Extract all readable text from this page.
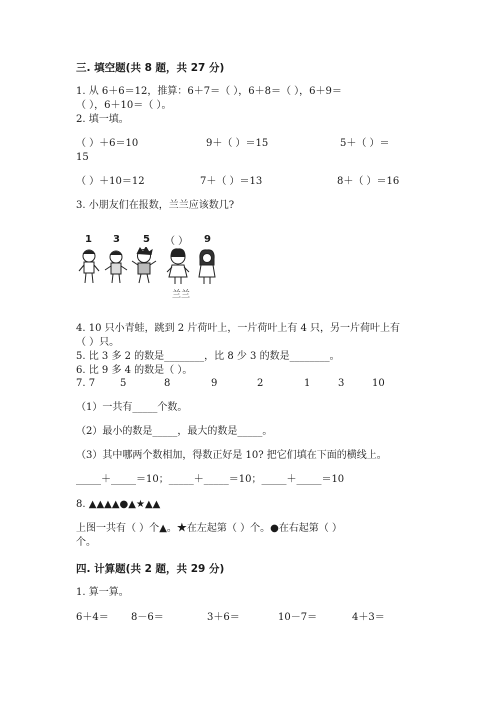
三. 填空题(共 8 题，共 27 分)
1. 从 6＋6＝12，推算：6＋7＝（ ），6＋8＝（ ），6＋9＝
（ ），6＋10＝（ ）。
2. 填一填。
（ ）＋6＝10	9＋（ ）＝15	5＋（ ）＝
15
（ ）＋10＝12	7＋（ ）＝13	8＋（ ）＝16
3. 小朋友们在报数，兰兰应该数几?
1 3 5 （ ） 9
兰兰
4. 10 只小青蛙，跳到 2 片荷叶上，一片荷叶上有 4 只，另一片荷叶上有
（ ）只。
5. 比 3 多 2 的数是________，比 8 少 3 的数是________。
6. 比 9 多 4 的数是（ ）。
7. 7 5	8	9	2	1	3	10
（1）一共有_____个数。
（2）最小的数是_____，最大的数是_____。
（3）其中哪两个数相加，得数正好是 10? 把它们填在下面的横线上。
_____＋_____＝10；_____＋_____＝10；_____＋_____＝10
8. ▲▲▲▲●▲★▲▲
上图一共有（ ）个▲。★在左起第（ ）个。●在右起第（ ）
个。
四. 计算题(共 2 题，共 29 分)
1. 算一算。
6＋4＝ 8－6＝	3＋6＝	10－7＝	4＋3＝
